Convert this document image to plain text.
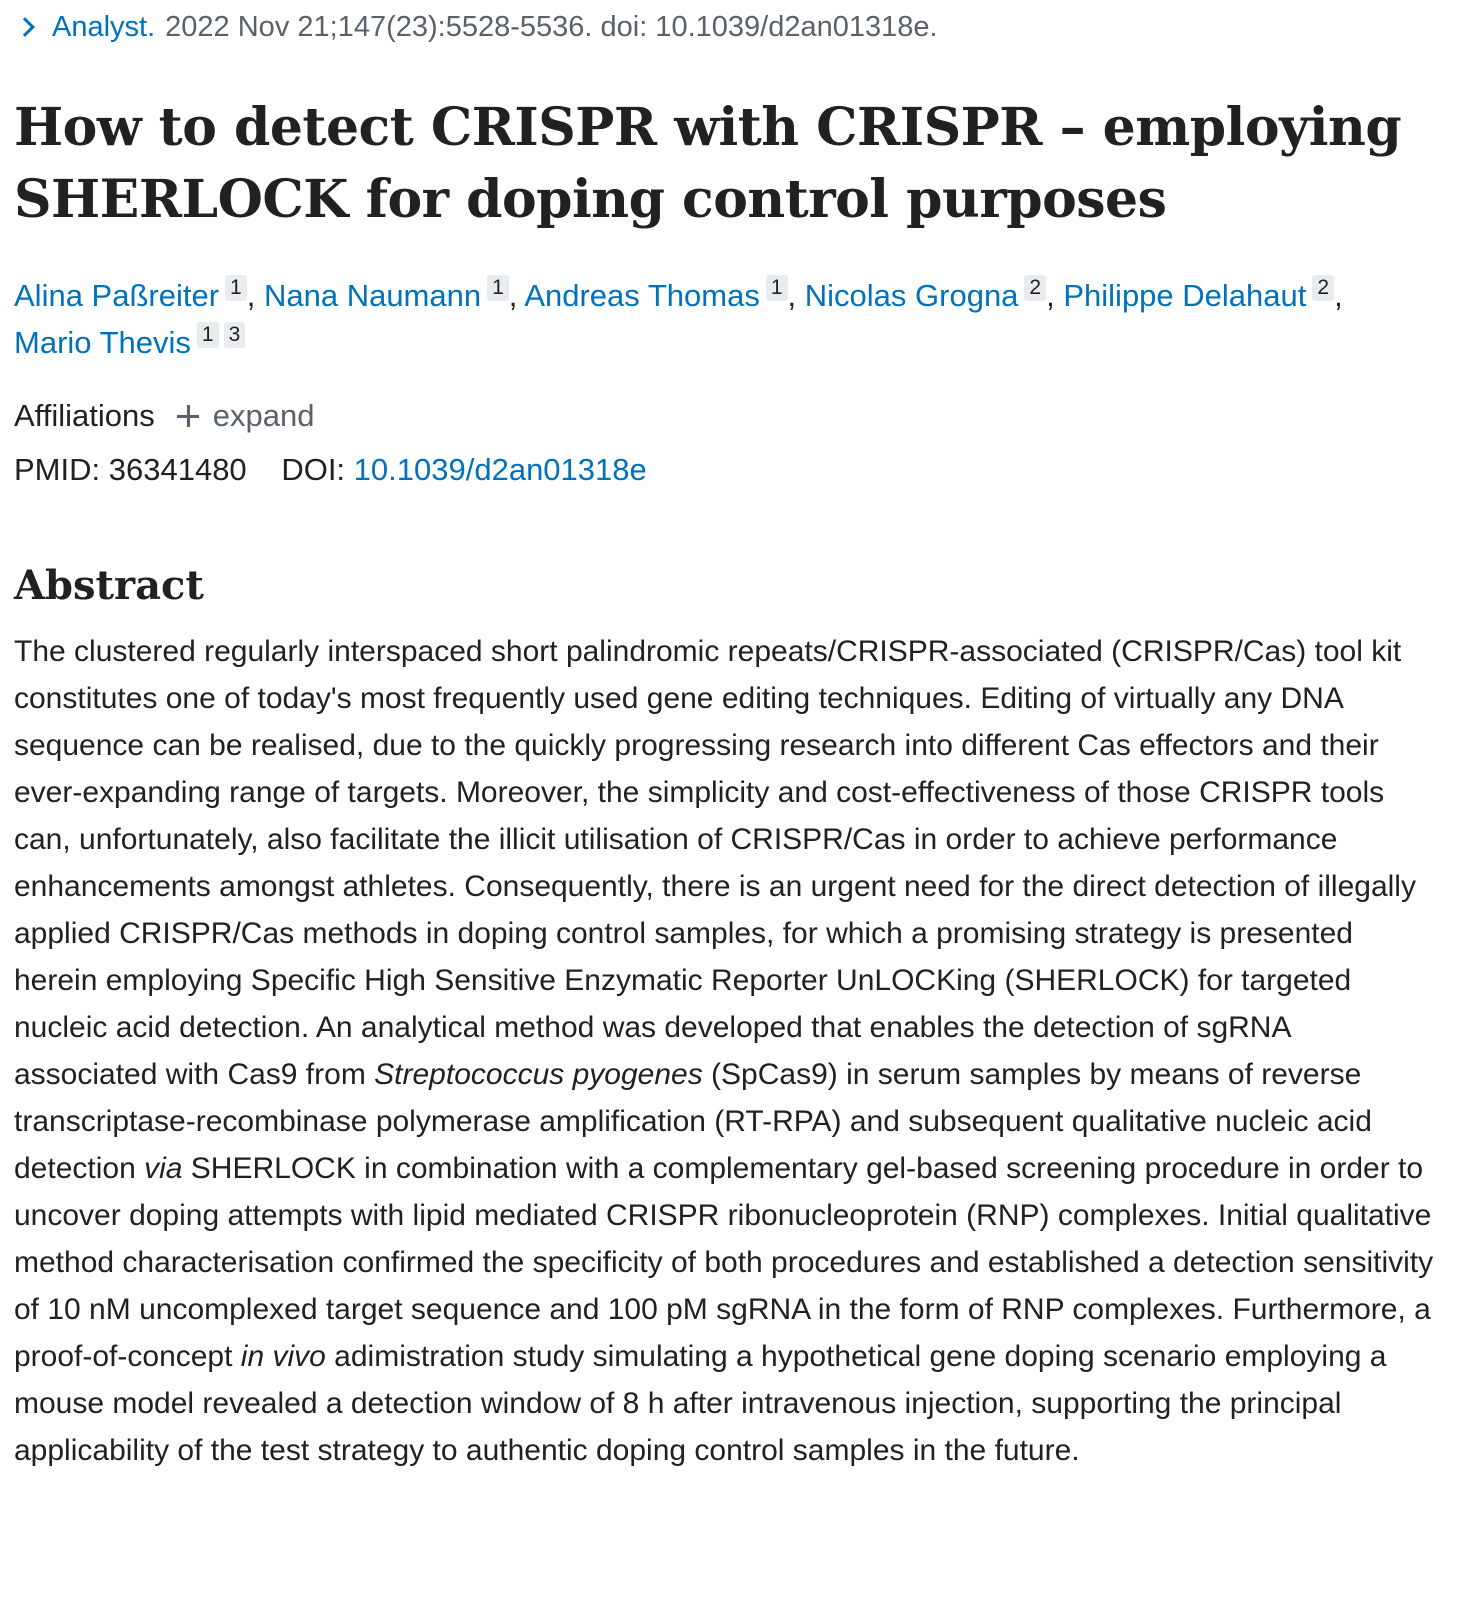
Analyst. 2022 Nov 21;147(23):5528-5536. doi: 10.1039/d2an01318e.
How to detect CRISPR with CRISPR – employing SHERLOCK for doping control purposes
Alina Paßreiter 1 , Nana Naumann 1 , Andreas Thomas 1 , Nicolas Grogna 2 , Philippe Delahaut 2 ,
Mario Thevis 1 3
Affiliations expand
PMID: 36341480 DOI: 10.1039/d2an01318e
Abstract

The clustered regularly interspaced short palindromic repeats/CRISPR-associated (CRISPR/Cas) tool kit constitutes one of today's most frequently used gene editing techniques. Editing of virtually any DNA sequence can be realised, due to the quickly progressing research into different Cas effectors and their ever-expanding range of targets. Moreover, the simplicity and cost-effectiveness of those CRISPR tools can, unfortunately, also facilitate the illicit utilisation of CRISPR/Cas in order to achieve performance enhancements amongst athletes. Consequently, there is an urgent need for the direct detection of illegally applied CRISPR/Cas methods in doping control samples, for which a promising strategy is presented herein employing Specific High Sensitive Enzymatic Reporter UnLOCKing (SHERLOCK) for targeted nucleic acid detection. An analytical method was developed that enables the detection of sgRNA associated with Cas9 from Streptococcus pyogenes (SpCas9) in serum samples by means of reverse transcriptase-recombinase polymerase amplification (RT-RPA) and subsequent qualitative nucleic acid detection via SHERLOCK in combination with a complementary gel-based screening procedure in order to uncover doping attempts with lipid mediated CRISPR ribonucleoprotein (RNP) complexes. Initial qualitative method characterisation confirmed the specificity of both procedures and established a detection sensitivity of 10 nM uncomplexed target sequence and 100 pM sgRNA in the form of RNP complexes. Furthermore, a proof-of-concept in vivo adimistration study simulating a hypothetical gene doping scenario employing a mouse model revealed a detection window of 8 h after intravenous injection, supporting the principal applicability of the test strategy to authentic doping control samples in the future.
